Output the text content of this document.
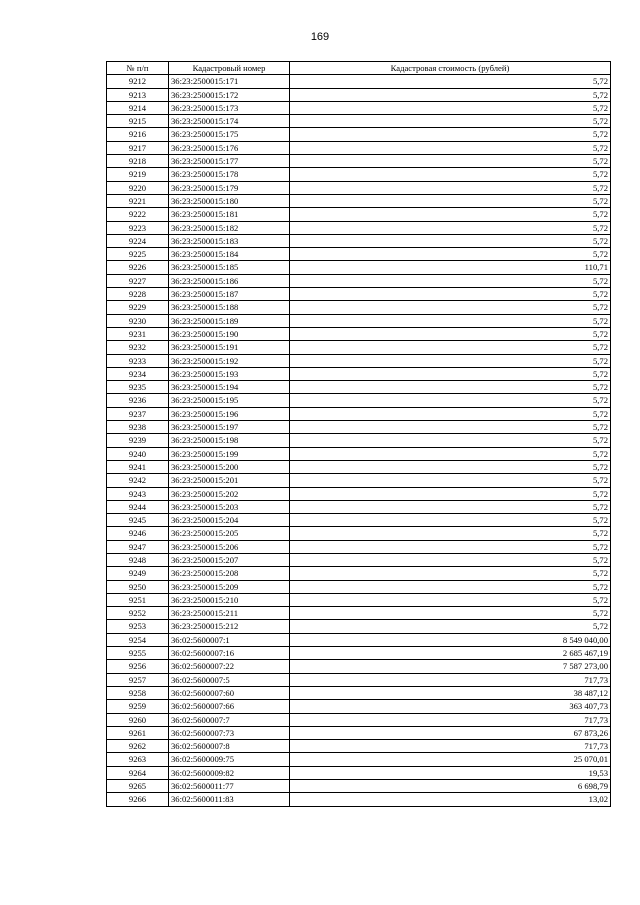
169
№ п/п	Кадастровый номер	Кадастровая стоимость (рублей)
9212	36:23:2500015:171	5,72
9213	36:23:2500015:172	5,72
9214	36:23:2500015:173	5,72
9215	36:23:2500015:174	5,72
9216	36:23:2500015:175	5,72
9217	36:23:2500015:176	5,72
9218	36:23:2500015:177	5,72
9219	36:23:2500015:178	5,72
9220	36:23:2500015:179	5,72
9221	36:23:2500015:180	5,72
9222	36:23:2500015:181	5,72
9223	36:23:2500015:182	5,72
9224	36:23:2500015:183	5,72
9225	36:23:2500015:184	5,72
9226	36:23:2500015:185	110,71
9227	36:23:2500015:186	5,72
9228	36:23:2500015:187	5,72
9229	36:23:2500015:188	5,72
9230	36:23:2500015:189	5,72
9231	36:23:2500015:190	5,72
9232	36:23:2500015:191	5,72
9233	36:23:2500015:192	5,72
9234	36:23:2500015:193	5,72
9235	36:23:2500015:194	5,72
9236	36:23:2500015:195	5,72
9237	36:23:2500015:196	5,72
9238	36:23:2500015:197	5,72
9239	36:23:2500015:198	5,72
9240	36:23:2500015:199	5,72
9241	36:23:2500015:200	5,72
9242	36:23:2500015:201	5,72
9243	36:23:2500015:202	5,72
9244	36:23:2500015:203	5,72
9245	36:23:2500015:204	5,72
9246	36:23:2500015:205	5,72
9247	36:23:2500015:206	5,72
9248	36:23:2500015:207	5,72
9249	36:23:2500015:208	5,72
9250	36:23:2500015:209	5,72
9251	36:23:2500015:210	5,72
9252	36:23:2500015:211	5,72
9253	36:23:2500015:212	5,72
9254	36:02:5600007:1	8 549 040,00
9255	36:02:5600007:16	2 685 467,19
9256	36:02:5600007:22	7 587 273,00
9257	36:02:5600007:5	717,73
9258	36:02:5600007:60	38 487,12
9259	36:02:5600007:66	363 407,73
9260	36:02:5600007:7	717,73
9261	36:02:5600007:73	67 873,26
9262	36:02:5600007:8	717,73
9263	36:02:5600009:75	25 070,01
9264	36:02:5600009:82	19,53
9265	36:02:5600011:77	6 698,79
9266	36:02:5600011:83	13,02
